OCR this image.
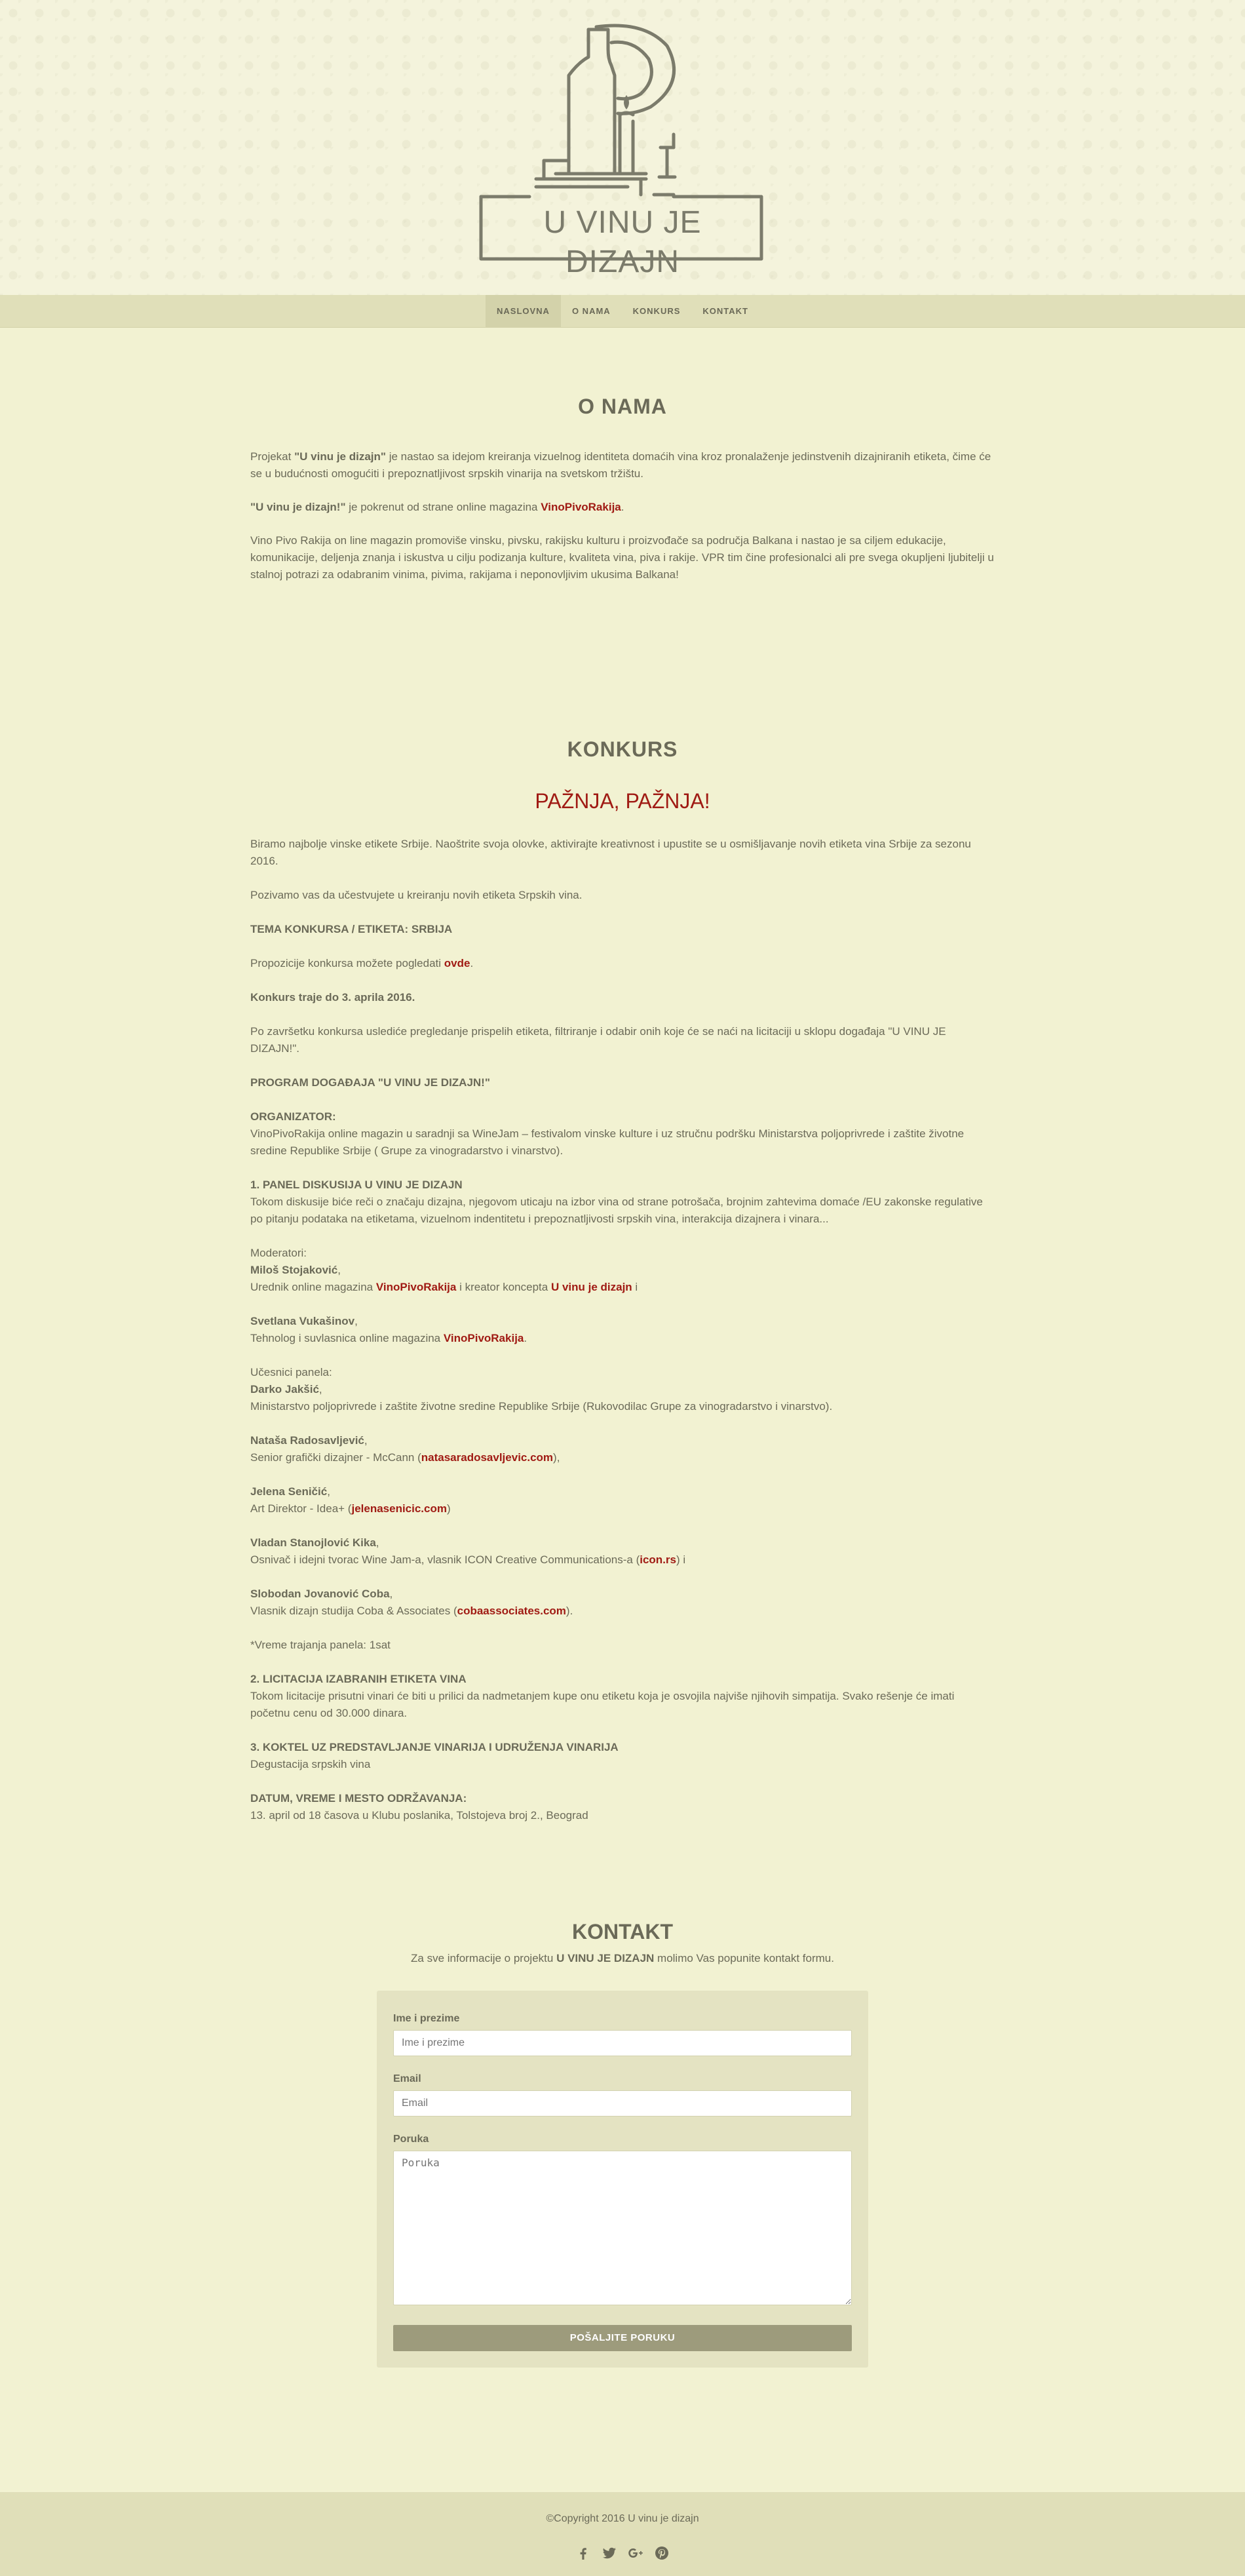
U VINU JE DIZAJN
NASLOVNA	O NAMA	KONKURS	KONTAKT
O NAMA

Projekat "U vinu je dizajn" je nastao sa idejom kreiranja vizuelnog identiteta domaćih vina kroz pronalaženje jedinstvenih dizajniranih etiketa, čime će se u budućnosti omogućiti i prepoznatljivost srpskih vinarija na svetskom tržištu.

"U vinu je dizajn!" je pokrenut od strane online magazina VinoPivoRakija.

Vino Pivo Rakija on line magazin promoviše vinsku, pivsku, rakijsku kulturu i proizvođače sa područja Balkana i nastao je sa ciljem edukacije, komunikacije, deljenja znanja i iskustva u cilju podizanja kulture, kvaliteta vina, piva i rakije. VPR tim čine profesionalci ali pre svega okupljeni ljubitelji u stalnoj potrazi za odabranim vinima, pivima, rakijama i neponovljivim ukusima Balkana!

KONKURS
PAŽNJA, PAŽNJA!

Biramo najbolje vinske etikete Srbije. Naoštrite svoja olovke, aktivirajte kreativnost i upustite se u osmišljavanje novih etiketa vina Srbije za sezonu 2016.

Pozivamo vas da učestvujete u kreiranju novih etiketa Srpskih vina.

TEMA KONKURSA / ETIKETA: SRBIJA

Propozicije konkursa možete pogledati ovde.

Konkurs traje do 3. aprila 2016.

Po završetku konkursa uslediće pregledanje prispelih etiketa, filtriranje i odabir onih koje će se naći na licitaciji u sklopu događaja "U VINU JE DIZAJN!".

PROGRAM DOGAĐAJA "U VINU JE DIZAJN!"

ORGANIZATOR:
VinoPivoRakija online magazin u saradnji sa WineJam – festivalom vinske kulture i uz stručnu podršku Ministarstva poljoprivrede i zaštite životne sredine Republike Srbije ( Grupe za vinogradarstvo i vinarstvo).

1. PANEL DISKUSIJA U VINU JE DIZAJN
Tokom diskusije biće reči o značaju dizajna, njegovom uticaju na izbor vina od strane potrošača, brojnim zahtevima domaće /EU zakonske regulative po pitanju podataka na etiketama, vizuelnom indentitetu i prepoznatljivosti srpskih vina, interakcija dizajnera i vinara...

Moderatori:
Miloš Stojaković,
Urednik online magazina VinoPivoRakija i kreator koncepta U vinu je dizajn i

Svetlana Vukašinov,
Tehnolog i suvlasnica online magazina VinoPivoRakija.

Učesnici panela:
Darko Jakšić,
Ministarstvo poljoprivrede i zaštite životne sredine Republike Srbije (Rukovodilac Grupe za vinogradarstvo i vinarstvo).

Nataša Radosavljević,
Senior grafički dizajner - McCann (natasaradosavljevic.com),

Jelena Seničić,
Art Direktor - Idea+ (jelenasenicic.com)

Vladan Stanojlović Kika,
Osnivač i idejni tvorac Wine Jam-a, vlasnik ICON Creative Communications-a (icon.rs) i

Slobodan Jovanović Coba,
Vlasnik dizajn studija Coba & Associates (cobaassociates.com).

*Vreme trajanja panela: 1sat

2. LICITACIJA IZABRANIH ETIKETA VINA
Tokom licitacije prisutni vinari će biti u prilici da nadmetanjem kupe onu etiketu koja je osvojila najviše njihovih simpatija. Svako rešenje će imati početnu cenu od 30.000 dinara.

3. KOKTEL UZ PREDSTAVLJANJE VINARIJA I UDRUŽENJA VINARIJA
Degustacija srpskih vina

DATUM, VREME I MESTO ODRŽAVANJA:
13. april od 18 časova u Klubu poslanika, Tolstojeva broj 2., Beograd

KONTAKT

Za sve informacije o projektu U VINU JE DIZAJN molimo Vas popunite kontakt formu.

Ime i prezime
Ime i prezime
Email
Email
Poruka
Poruka
POŠALJITE PORUKU
©Copyright 2016 U vinu je dizajn
